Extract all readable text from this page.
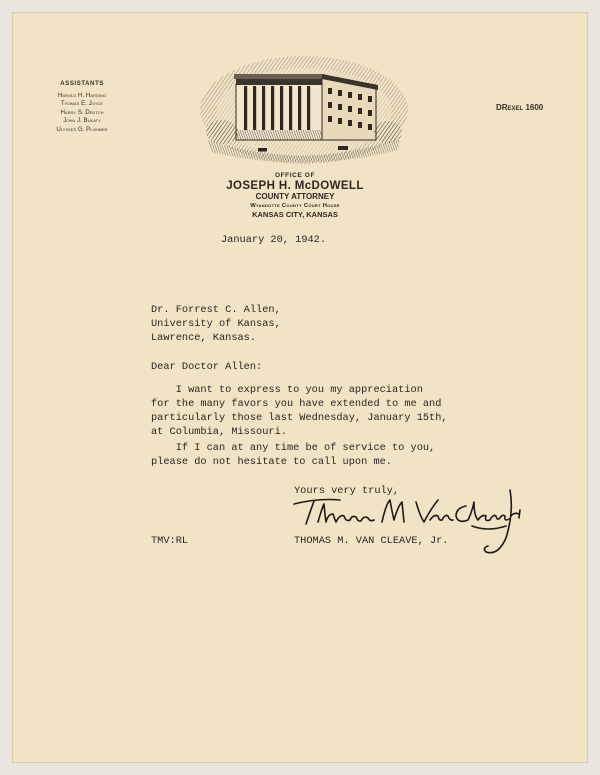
ASSISTANTS
Harold H. Harding
Thomas E. Joyce
Harry S. Deutch
John J. Bukaty
Ulysses G. Plummer
DRexel 1600
OFFICE OF
JOSEPH H. McDOWELL
COUNTY ATTORNEY
Wyandotte County Court House
KANSAS CITY, KANSAS
January 20, 1942.
Dr. Forrest C. Allen,
University of Kansas,
Lawrence, Kansas.
Dear Doctor Allen:
I want to express to you my appreciation
for the many favors you have extended to me and
particularly those last Wednesday, January 15th,
at Columbia, Missouri.
If I can at any time be of service to you,
please do not hesitate to call upon me.
Yours very truly,
TMV:RL	THOMAS M. VAN CLEAVE, Jr.
